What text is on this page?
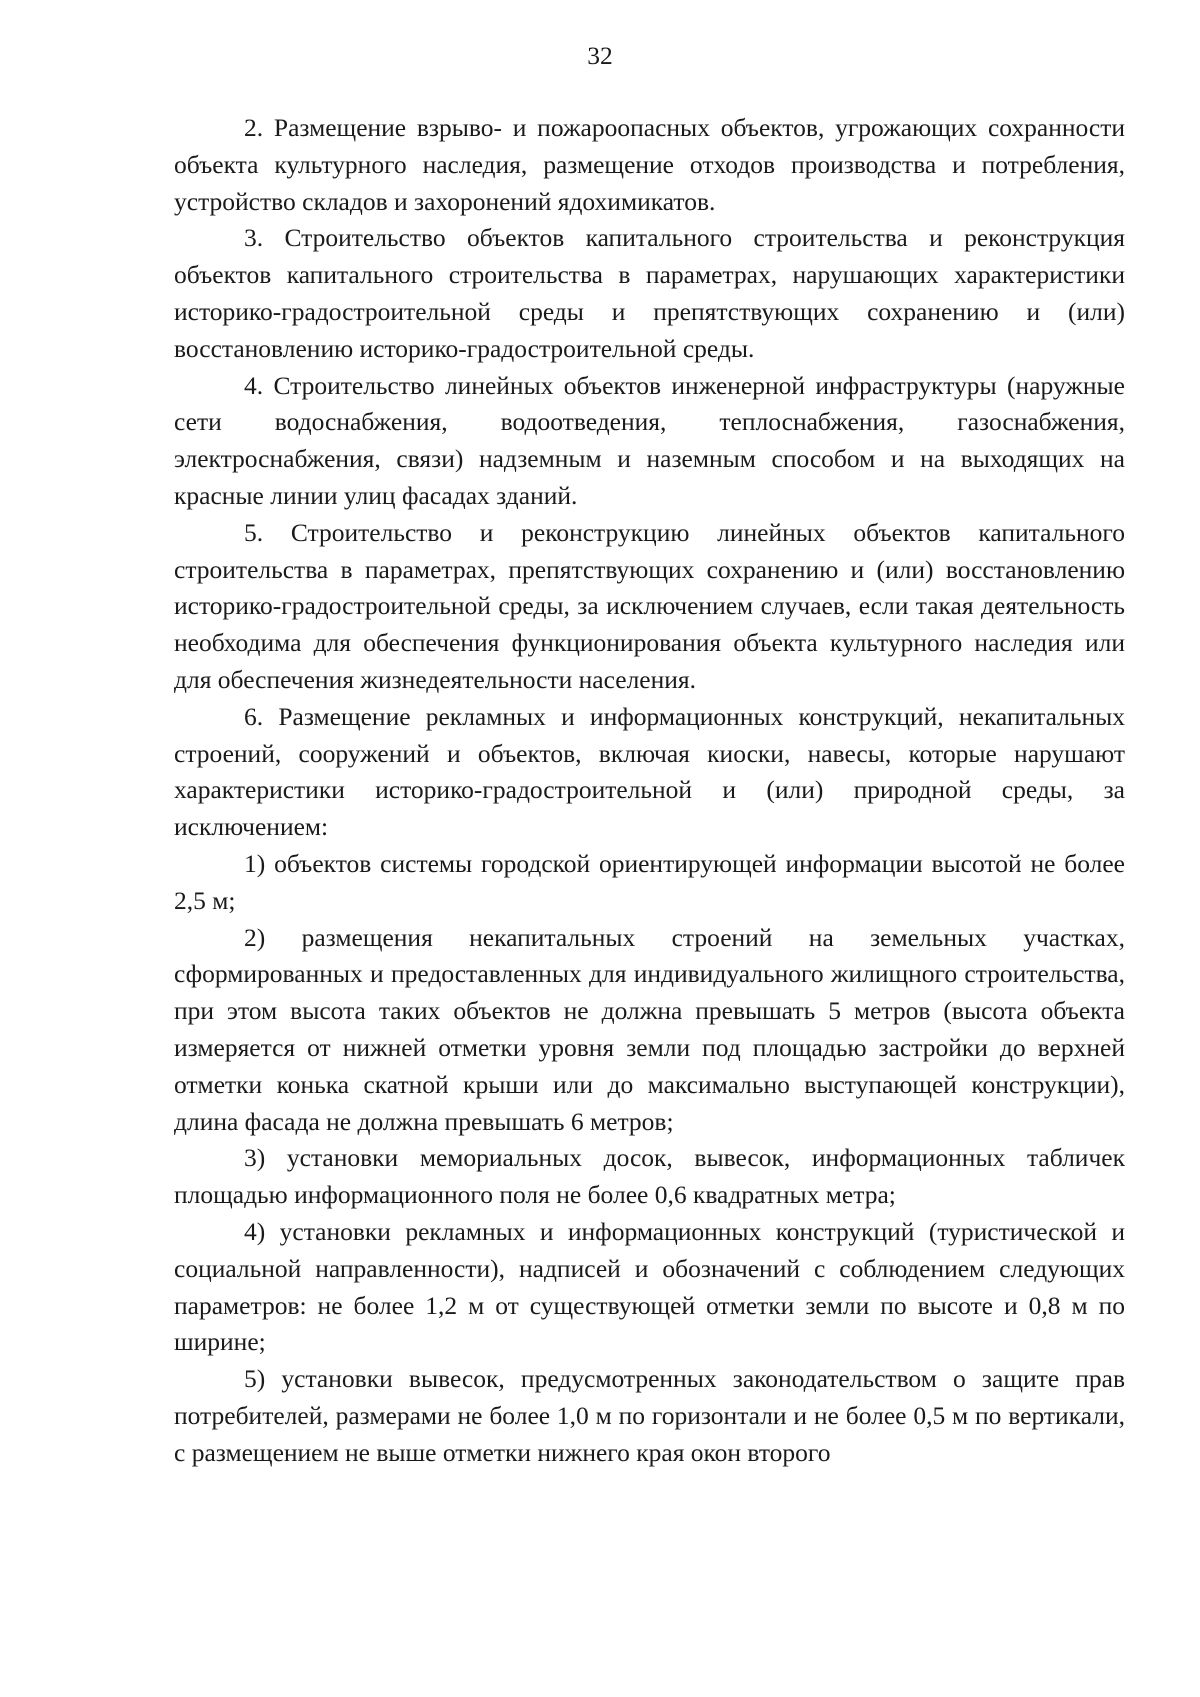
32

2. Размещение взрыво- и пожароопасных объектов, угрожающих сохранности объекта культурного наследия, размещение отходов производства и потребления, устройство складов и захоронений ядохимикатов.

3. Строительство объектов капитального строительства и реконструкция объектов капитального строительства в параметрах, нарушающих характеристики историко-градостроительной среды и препятствующих сохранению и (или) восстановлению историко-градостроительной среды.

4. Строительство линейных объектов инженерной инфраструктуры (наружные сети водоснабжения, водоотведения, теплоснабжения, газоснабжения, электроснабжения, связи) надземным и наземным способом и на выходящих на красные линии улиц фасадах зданий.

5. Строительство и реконструкцию линейных объектов капитального строительства в параметрах, препятствующих сохранению и (или) восстановлению историко-градостроительной среды, за исключением случаев, если такая деятельность необходима для обеспечения функционирования объекта культурного наследия или для обеспечения жизнедеятельности населения.

6. Размещение рекламных и информационных конструкций, некапитальных строений, сооружений и объектов, включая киоски, навесы, которые нарушают характеристики историко-градостроительной и (или) природной среды, за исключением:

1) объектов системы городской ориентирующей информации высотой не более 2,5 м;

2) размещения некапитальных строений на земельных участках, сформированных и предоставленных для индивидуального жилищного строительства, при этом высота таких объектов не должна превышать 5 метров (высота объекта измеряется от нижней отметки уровня земли под площадью застройки до верхней отметки конька скатной крыши или до максимально выступающей конструкции), длина фасада не должна превышать 6 метров;

3) установки мемориальных досок, вывесок, информационных табличек площадью информационного поля не более 0,6 квадратных метра;

4) установки рекламных и информационных конструкций (туристической и социальной направленности), надписей и обозначений с соблюдением следующих параметров: не более 1,2 м от существующей отметки земли по высоте и 0,8 м по ширине;

5) установки вывесок, предусмотренных законодательством о защите прав потребителей, размерами не более 1,0 м по горизонтали и не более 0,5 м по вертикали, с размещением не выше отметки нижнего края окон второго
